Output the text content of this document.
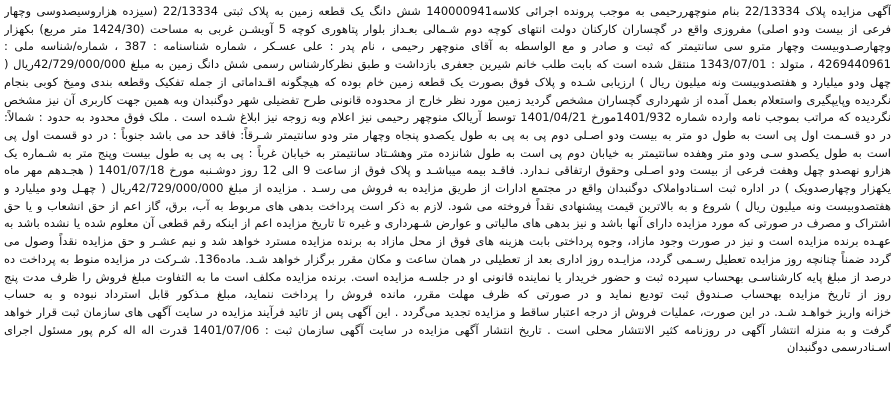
آگهی مزایده پلاک 22/13334 بنام منوچهررحیمی به موجب پرونده اجرائی کلاسه140000941 شش دانگ یک قطعه زمین به پلاک ثبتی 22/13334 (سیزده هزاروسیصدوسی وچهار
فرعی از بیست ودو اصلی) مفروزی واقع در گچساران کارکنان دولت انتهای کوچه دوم شـمالی بعـداز بلوار پتاهوری کوچه 5 آویشـن غربی به مساحت (1424/30 متر مربع) بکهزار
وچهارصـدوبیست وچهار مترو سی سانتیمتر که ثبت و صادر و مع الواسطه به آقای منوچهر رحیمی ، نام پدر : علی عسـکر ، شماره شناسنامه : 387 ، شماره/شناسه ملی :
4269440961 ، متولد : 1343/07/01 منتقل شده است که بابت طلب خانم شیرین جعفری بازداشت و طبق نظرکارشناس رسمی شش دانگ زمین به مبلغ 42/729/000/000ریال (
چهل ودو میلیارد و هفتصدوبیست ونه میلیون ریال ) ارزیابی شـده و پلاک فوق بصورت یک قطعه زمین خام بوده که هیچگونه اقـداماتی از جمله تفکیک وقطعه بندی ومیخ کوبی بنجام
نگردیده وپایپگیری واستعلام بعمل آمده از شهرداری گچساران مشخص گردید زمین مورد نظر خارج از محدوده قانونی طرح تفضیلی شهر دوگنبدان وبه همین جهت کاربری آن نیز مشخص
نگردیده که مراتب بموجب نامه وارده شماره 1401/932مورخ 1401/04/21 توسط آریالک منوچهر رحیمی نیز اعلام وبه زوجه نیز ابلاغ شـده است . ملک فوق محدود به حدود : شمالاً:
در دو قسـمت اول پی است به طول دو متر به بیست ودو اصـلی دوم پی به پی به طول یکصدو پنجاه وچهار متر ودو سانتیمتر شـرقاً: فاقد حد می باشد جنوباً : در دو قسمت اول پی
است به طول یکصدو سـی ودو متر وهفده سانتیمتر به خیابان دوم پی است به طول شانزده متر وهشـتاد سانتیمتر به خیابان غرباً : پی به پی به طول بیست وپنج متر به شـماره یک
هزارو نهصدو چهل وهفت فرعی از بیست ودو اصـلی وحقوق ارتفاقی نـدارد. فاقـد بیمه میباشـد و پلاک فوق از ساعت 9 الی 12 روز دوشـنبه مورخ 1401/07/18 ( هجـدهم مهر ماه
یکهزار وچهارصدویک ) در اداره ثبت اسـنادواملاک دوگنبدان واقع در مجتمع ادارات از طریق مزایده به فروش می رسـد . مزایده از مبلغ 42/729/000/000ریال ( چهـل ودو میلیارد و
هفتصدوبیست ونه میلیون ریال ) شروع و به بالاترین قیمت پیشنهادی نقداً فروخته می شود. لازم به ذکر است پرداخت بدهی های مربوط به آب، برق، گاز اعم از حق انشعاب و یا حق
اشتراک و مصرف در صورتی که مورد مزایده دارای آنها باشد و نیز بدهی های مالیاتی و عوارض شـهرداری و غیره تا تاریخ مزایده اعم از اینکه رقم قطعی آن معلوم شده یا نشده باشد به
عهـده برنده مزایده است و نیز در صورت وجود مازاد، وجوه پرداختی بابت هزینه های فوق از محل مازاد به برنده مزایده مسترد خواهد شد و نیم عشـر و حق مزایده نقداً وصول می
گردد ضمناً چنانچه روز مزایده تعطیل رسـمی گردد، مزایـده روز اداری بعد از تعطیلی در همان ساعت و مکان مقرر برگزار خواهد شـد. ماده136. شـرکت در مزایده منوط به پرداخت ده
درصد از مبلغ پایه کارشناسـی بهحساب سپرده ثبت و حضور خریدار یا نماینده قانونی او در جلسـه مزایده است. برنده مزایده مکلف است ما به التفاوت مبلغ فروش را ظرف مدت پنج
روز از تاریخ مزایده بهحساب صـندوق ثبت تودیع نماید و در صورتی که ظرف مهلت مقرر، مانده فروش را پرداخت ننماید، مبلغ مـذکور قابل استرداد نبوده و به حساب
خزانه واریز خواهـد شـد. در این صورت، عملیات فروش از درجه اعتبار ساقط و مزایده تجدید می‌گردد . این آگهی پس از تائید فرآیند مزایده در سایت آگهی های سازمان ثبت قرار خواهد
گرفت و به منزله انتشار آگهی در روزنامه کثیر الانتشار محلی است . تاریخ انتشار آگهی مزایده در سایت آگهی سازمان ثبت : 1401/07/06 قدرت اله اله کرم پور مسئول اجرای
اسـنادرسمی دوگنبدان
